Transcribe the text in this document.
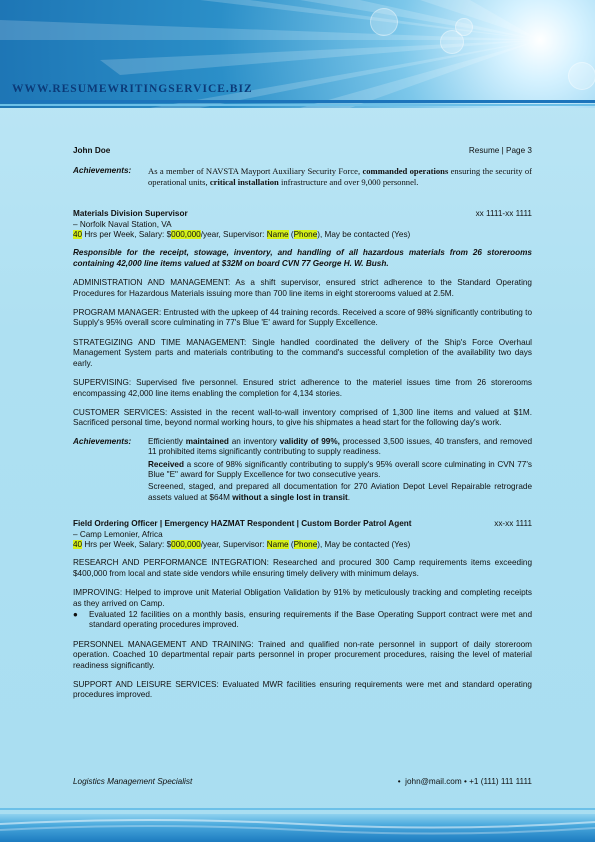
WWW.RESUMEWRITINGSERVICE.BIZ
John Doe	Resume | Page 3
Achievements:	As a member of NAVSTA Mayport Auxiliary Security Force, commanded operations ensuring the security of operational units, critical installation infrastructure and over 9,000 personnel.
Materials Division Supervisor	xx 1111-xx 1111
– Norfolk Naval Station, VA
40 Hrs per Week, Salary: $000,000/year, Supervisor: Name (Phone), May be contacted (Yes)
Responsible for the receipt, stowage, inventory, and handling of all hazardous materials from 26 storerooms containing 42,000 line items valued at $32M on board CVN 77 George H. W. Bush.
ADMINISTRATION AND MANAGEMENT: As a shift supervisor, ensured strict adherence to the Standard Operating Procedures for Hazardous Materials issuing more than 700 line items in eight storerooms valued at 2.5M.
PROGRAM MANAGER: Entrusted with the upkeep of 44 training records. Received a score of 98% significantly contributing to Supply's 95% overall score culminating in 77's Blue 'E' award for Supply Excellence.
STRATEGIZING AND TIME MANAGEMENT: Single handled coordinated the delivery of the Ship's Force Overhaul Management System parts and materials contributing to the command's successful completion of the availability two days early.
SUPERVISING: Supervised five personnel. Ensured strict adherence to the materiel issues time from 26 storerooms encompassing 42,000 line items enabling the completion for 4,134 stories.
CUSTOMER SERVICES: Assisted in the recent wall-to-wall inventory comprised of 1,300 line items and valued at $1M. Sacrificed personal time, beyond normal working hours, to give his shipmates a head start for the following day's work.
Achievements:	Efficiently maintained an inventory validity of 99%, processed 3,500 issues, 40 transfers, and removed 11 prohibited items significantly contributing to supply readiness.
Received a score of 98% significantly contributing to supply's 95% overall score culminating in CVN 77's Blue "E" award for Supply Excellence for two consecutive years.
Screened, staged, and prepared all documentation for 270 Aviation Depot Level Repairable retrograde assets valued at $64M without a single lost in transit.
Field Ordering Officer | Emergency HAZMAT Respondent | Custom Border Patrol Agent	xx-xx 1111
– Camp Lemonier, Africa
40 Hrs per Week, Salary: $000,000/year, Supervisor: Name (Phone), May be contacted (Yes)
RESEARCH AND PERFORMANCE INTEGRATION: Researched and procured 300 Camp requirements items exceeding $400,000 from local and state side vendors while ensuring timely delivery with minimum delays.
IMPROVING: Helped to improve unit Material Obligation Validation by 91% by meticulously tracking and completing receipts as they arrived on Camp.
●	Evaluated 12 facilities on a monthly basis, ensuring requirements if the Base Operating Support contract were met and standard operating procedures improved.
PERSONNEL MANAGEMENT AND TRAINING: Trained and qualified non-rate personnel in support of daily storeroom operation. Coached 10 departmental repair parts personnel in proper procurement procedures, raising the level of material readiness significantly.
SUPPORT AND LEISURE SERVICES: Evaluated MWR facilities ensuring requirements were met and standard operating procedures improved.
Logistics Management Specialist	•  john@mail.com • +1 (111) 111 1111
